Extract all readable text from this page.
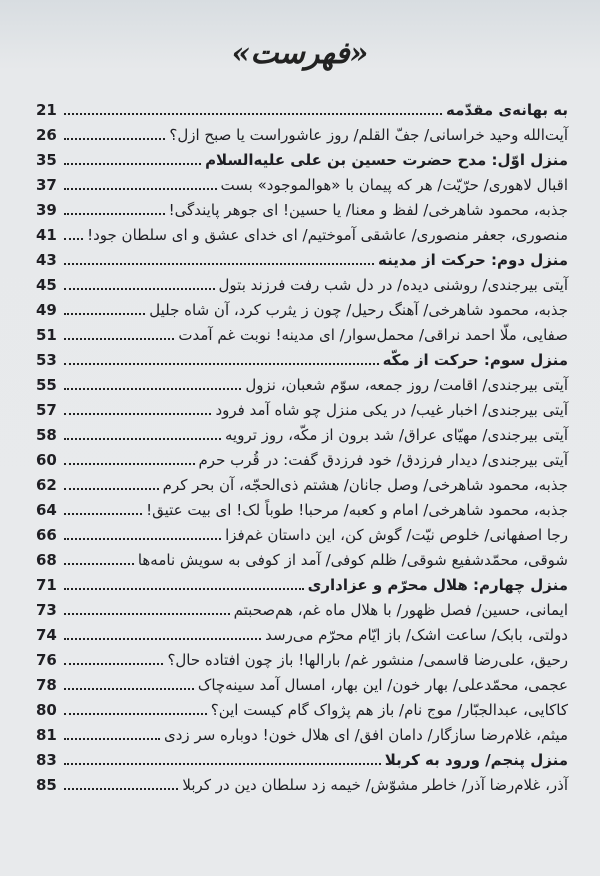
«فهرست»
به بهانه‌ی مقدّمه
21
آیت‌الله وحید خراسانی/ جفّ القلم/ روز عاشوراست یا صبح ازل؟
26
منزل اوّل: مدح حضرت حسین بن علی علیه‌السلام
35
اقبال لاهوری/ حرّیّت/ هر که پیمان با «هوالموجود» بست
37
جذبه، محمود شاهرخی/ لفظ و معنا/ یا حسین! ای جوهر پایندگی!
39
منصوری، جعفر منصوری/ عاشقی آموختیم/ ای خدای عشق و ای سلطان جود!
41
منزل دوم: حرکت از مدینه
43
آیتی بیرجندی/ روشنی دیده/ در دل شب رفت فرزند بتول
45
جذبه، محمود شاهرخی/ آهنگ رحیل/ چون ز یثرب کرد، آن شاه جلیل
49
صفایی، ملّا احمد نراقی/ محمل‌سوار/ ای مدینه! نوبت غم آمدت
51
منزل سوم: حرکت از مکّه
53
آیتی بیرجندی/ اقامت/ روز جمعه، سوّم شعبان، نزول
55
آیتی بیرجندی/ اخبار غیب/ در یکی منزل چو شاه آمد فرود
57
آیتی بیرجندی/ مهیّای عراق/ شد برون از مکّه، روز ترویه
58
آیتی بیرجندی/ دیدار فرزدق/ خود فرزدق گفت: در قُرب حرم
60
جذبه، محمود شاهرخی/ وصل جانان/ هشتم ذی‌الحجّه، آن بحر کرم
62
جذبه، محمود شاهرخی/ امام و کعبه/ مرحبا! طوباً لک! ای بیت عتیق!
64
رجا اصفهانی/ خلوص نیّت/ گوش کن، این داستان غم‌فزا
66
شوقی، محمّدشفیع شوقی/ ظلم کوفی/ آمد از کوفی به سویش نامه‌ها
68
منزل چهارم: هلال محرّم و عزاداری
71
ایمانی، حسین/ فصل ظهور/ با هلال ماه غم، هم‌صحبتم
73
دولتی، بابک/ ساعت اشک/ باز ایّام محرّم می‌رسد
74
رحیق، علی‌رضا قاسمی/ منشور غم/ بارالها! باز چون افتاده حال؟
76
عجمی، محمّدعلی/ بهار خون/ این بهار، امسال آمد سینه‌چاک
78
کاکایی، عبدالجبّار/ موج نام/ باز هم پژواک گام کیست این؟
80
میثم، غلام‌رضا سازگار/ دامان افق/ ای هلال خون! دوباره سر زدی
81
منزل پنجم/ ورود به کربلا
83
آذر، غلام‌رضا آذر/ خاطر مشوّش/ خیمه زد سلطان دین در کربلا
85
